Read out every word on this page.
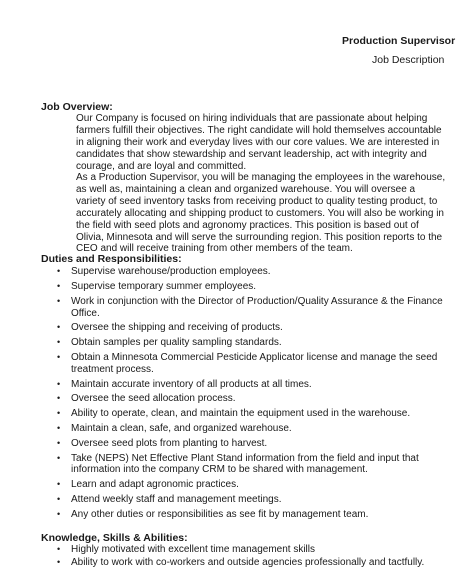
Production Supervisor
Job Description
Job Overview:
Our Company is focused on hiring individuals that are passionate about helping farmers fulfill their objectives. The right candidate will hold themselves accountable in aligning their work and everyday lives with our core values. We are interested in candidates that show stewardship and servant leadership, act with integrity and courage, and are loyal and committed.
As a Production Supervisor, you will be managing the employees in the warehouse, as well as, maintaining a clean and organized warehouse. You will oversee a variety of seed inventory tasks from receiving product to quality testing product, to accurately allocating and shipping product to customers. You will also be working in the field with seed plots and agronomy practices. This position is based out of Olivia, Minnesota and will serve the surrounding region. This position reports to the CEO and will receive training from other members of the team.
Duties and Responsibilities:
• Supervise warehouse/production employees.
• Supervise temporary summer employees.
• Work in conjunction with the Director of Production/Quality Assurance & the Finance Office.
• Oversee the shipping and receiving of products.
• Obtain samples per quality sampling standards.
• Obtain a Minnesota Commercial Pesticide Applicator license and manage the seed treatment process.
• Maintain accurate inventory of all products at all times.
• Oversee the seed allocation process.
• Ability to operate, clean, and maintain the equipment used in the warehouse.
• Maintain a clean, safe, and organized warehouse.
• Oversee seed plots from planting to harvest.
• Take (NEPS) Net Effective Plant Stand information from the field and input that information into the company CRM to be shared with management.
• Learn and adapt agronomic practices.
• Attend weekly staff and management meetings.
• Any other duties or responsibilities as see fit by management team.
Knowledge, Skills & Abilities:
• Highly motivated with excellent time management skills
• Ability to work with co-workers and outside agencies professionally and tactfully.
